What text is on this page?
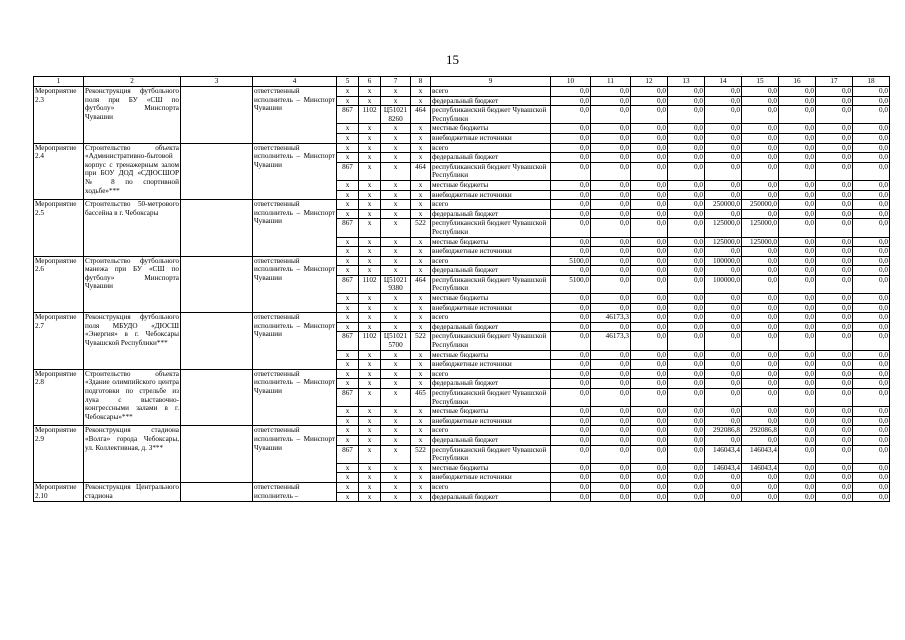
15
1	2	3	4	5	6	7	8	9	10	11	12	13	14	15	16	17	18
Мероприятие 2.3	Реконструкция футбольного поля при БУ «СШ по футболу» Минспорта Чувашии		ответственный исполнитель – Минспорт Чувашии	x	x	x	x	всего	0,0	0,0	0,0	0,0	0,0	0,0	0,0	0,0	0,0
				x	x	x	x	федеральный бюджет	0,0	0,0	0,0	0,0	0,0	0,0	0,0	0,0	0,0
				867	1102	Ц51021 8260	464	республиканский бюджет Чувашской Республики	0,0	0,0	0,0	0,0	0,0	0,0	0,0	0,0	0,0
				x	x	x	x	местные бюджеты	0,0	0,0	0,0	0,0	0,0	0,0	0,0	0,0	0,0
				x	x	x	x	внебюджетные источники	0,0	0,0	0,0	0,0	0,0	0,0	0,0	0,0	0,0
Мероприятие 2.4	Строительство объекта «Административно-бытовой корпус с тренажерным залом при БОУ ДОД «СДЮСШОР № 8 по спортивной ходьбе»***		ответственный исполнитель – Минспорт Чувашии	x	x	x	x	всего	0,0	0,0	0,0	0,0	0,0	0,0	0,0	0,0	0,0
				x	x	x	x	федеральный бюджет	0,0	0,0	0,0	0,0	0,0	0,0	0,0	0,0	0,0
				867	x	x	464	республиканский бюджет Чувашской Республики	0,0	0,0	0,0	0,0	0,0	0,0	0,0	0,0	0,0
				x	x	x	x	местные бюджеты	0,0	0,0	0,0	0,0	0,0	0,0	0,0	0,0	0,0
				x	x	x	x	внебюджетные источники	0,0	0,0	0,0	0,0	0,0	0,0	0,0	0,0	0,0
Мероприятие 2.5	Строительство 50-метрового бассейна в г. Чебоксары		ответственный исполнитель – Минспорт Чувашии	x	x	x	x	всего	0,0	0,0	0,0	0,0	250000,0	250000,0	0,0	0,0	0,0
				x	x	x	x	федеральный бюджет	0,0	0,0	0,0	0,0	0,0	0,0	0,0	0,0	0,0
				867	x	x	522	республиканский бюджет Чувашской Республики	0,0	0,0	0,0	0,0	125000,0	125000,0	0,0	0,0	0,0
				x	x	x	x	местные бюджеты	0,0	0,0	0,0	0,0	125000,0	125000,0	0,0	0,0	0,0
				x	x	x	x	внебюджетные источники	0,0	0,0	0,0	0,0	0,0	0,0	0,0	0,0	0,0
Мероприятие 2.6	Строительство футбольного манежа при БУ «СШ по футболу» Минспорта Чувашии		ответственный исполнитель – Минспорт Чувашии	x	x	x	x	всего	5100,0	0,0	0,0	0,0	100000,0	0,0	0,0	0,0	0,0
				x	x	x	x	федеральный бюджет	0,0	0,0	0,0	0,0	0,0	0,0	0,0	0,0	0,0
				867	1102	Ц51021 9380	464	республиканский бюджет Чувашской Республики	5100,0	0,0	0,0	0,0	100000,0	0,0	0,0	0,0	0,0
				x	x	x	x	местные бюджеты	0,0	0,0	0,0	0,0	0,0	0,0	0,0	0,0	0,0
				x	x	x	x	внебюджетные источники	0,0	0,0	0,0	0,0	0,0	0,0	0,0	0,0	0,0
Мероприятие 2.7	Реконструкция футбольного поля МБУДО «ДЮСШ «Энергия» в г. Чебоксары Чувашской Республики***		ответственный исполнитель – Минспорт Чувашии	x	x	x	x	всего	0,0	46173,3	0,0	0,0	0,0	0,0	0,0	0,0	0,0
				x	x	x	x	федеральный бюджет	0,0	0,0	0,0	0,0	0,0	0,0	0,0	0,0	0,0
				867	1102	Ц51021 5700	522	республиканский бюджет Чувашской Республики	0,0	46173,3	0,0	0,0	0,0	0,0	0,0	0,0	0,0
				x	x	x	x	местные бюджеты	0,0	0,0	0,0	0,0	0,0	0,0	0,0	0,0	0,0
				x	x	x	x	внебюджетные источники	0,0	0,0	0,0	0,0	0,0	0,0	0,0	0,0	0,0
Мероприятие 2.8	Строительство объекта «Здание олимпийского центра подготовки по стрельбе из лука с выставочно-конгрессными залами в г. Чебоксары»***		ответственный исполнитель – Минспорт Чувашии	x	x	x	x	всего	0,0	0,0	0,0	0,0	0,0	0,0	0,0	0,0	0,0
				x	x	x	x	федеральный бюджет	0,0	0,0	0,0	0,0	0,0	0,0	0,0	0,0	0,0
				867	x	x	465	республиканский бюджет Чувашской Республики	0,0	0,0	0,0	0,0	0,0	0,0	0,0	0,0	0,0
				x	x	x	x	местные бюджеты	0,0	0,0	0,0	0,0	0,0	0,0	0,0	0,0	0,0
				x	x	x	x	внебюджетные источники	0,0	0,0	0,0	0,0	0,0	0,0	0,0	0,0	0,0
Мероприятие 2.9	Реконструкция стадиона «Волга» города Чебоксары, ул. Коллективная, д. 3***		ответственный исполнитель – Минспорт Чувашии	x	x	x	x	всего	0,0	0,0	0,0	0,0	292086,8	292086,8	0,0	0,0	0,0
				x	x	x	x	федеральный бюджет	0,0	0,0	0,0	0,0	0,0	0,0	0,0	0,0	0,0
				867	x	x	522	республиканский бюджет Чувашской Республики	0,0	0,0	0,0	0,0	146043,4	146043,4	0,0	0,0	0,0
				x	x	x	x	местные бюджеты	0,0	0,0	0,0	0,0	146043,4	146043,4	0,0	0,0	0,0
				x	x	x	x	внебюджетные источники	0,0	0,0	0,0	0,0	0,0	0,0	0,0	0,0	0,0
Мероприятие 2.10	Реконструкция Центрального стадиона		ответственный исполнитель –	x	x	x	x	всего	0,0	0,0	0,0	0,0	0,0	0,0	0,0	0,0	0,0
				x	x	x	x	федеральный бюджет	0,0	0,0	0,0	0,0	0,0	0,0	0,0	0,0	0,0
